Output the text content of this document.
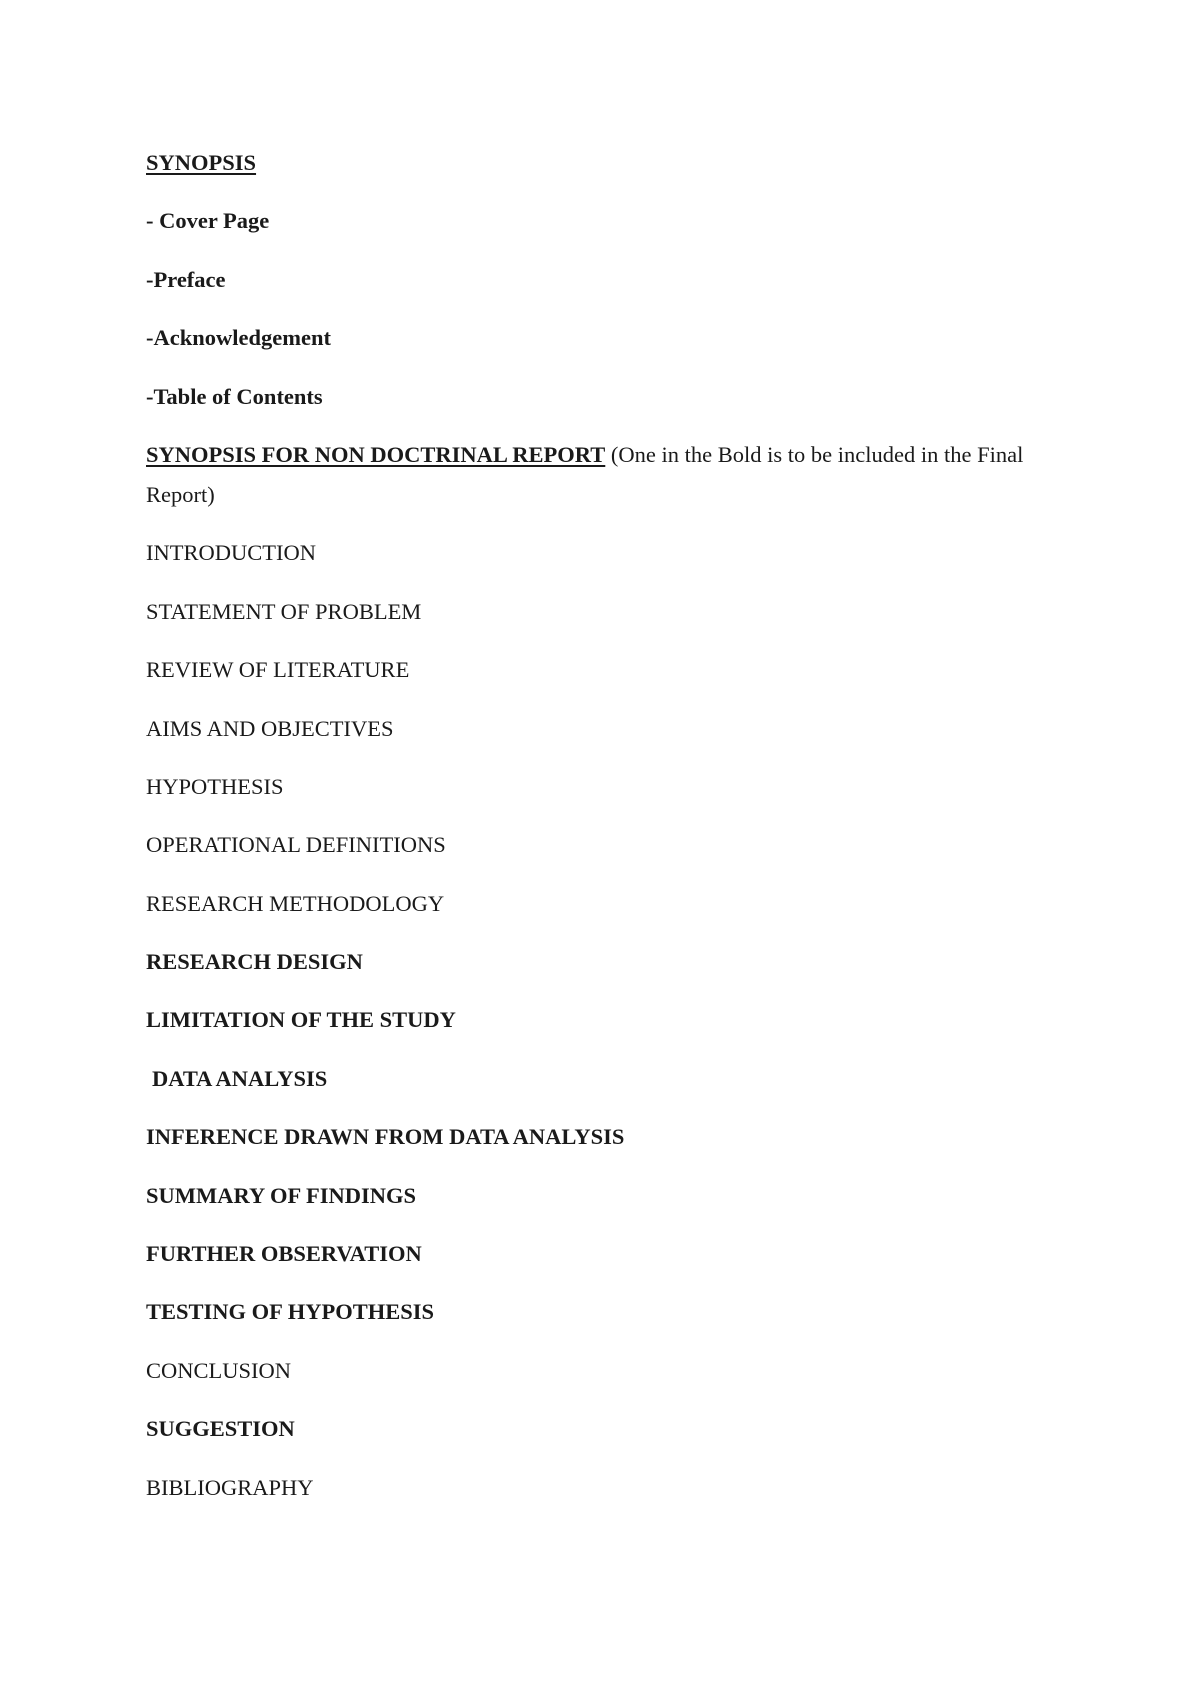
SYNOPSIS
- Cover Page
-Preface
-Acknowledgement
-Table of Contents
SYNOPSIS FOR NON DOCTRINAL REPORT (One in the Bold is to be included in the Final Report)
INTRODUCTION
STATEMENT OF PROBLEM
REVIEW OF LITERATURE
AIMS AND OBJECTIVES
HYPOTHESIS
OPERATIONAL DEFINITIONS
RESEARCH METHODOLOGY
RESEARCH DESIGN
LIMITATION OF THE STUDY
DATA ANALYSIS
INFERENCE DRAWN FROM DATA ANALYSIS
SUMMARY OF FINDINGS
FURTHER OBSERVATION
TESTING OF HYPOTHESIS
CONCLUSION
SUGGESTION
BIBLIOGRAPHY
